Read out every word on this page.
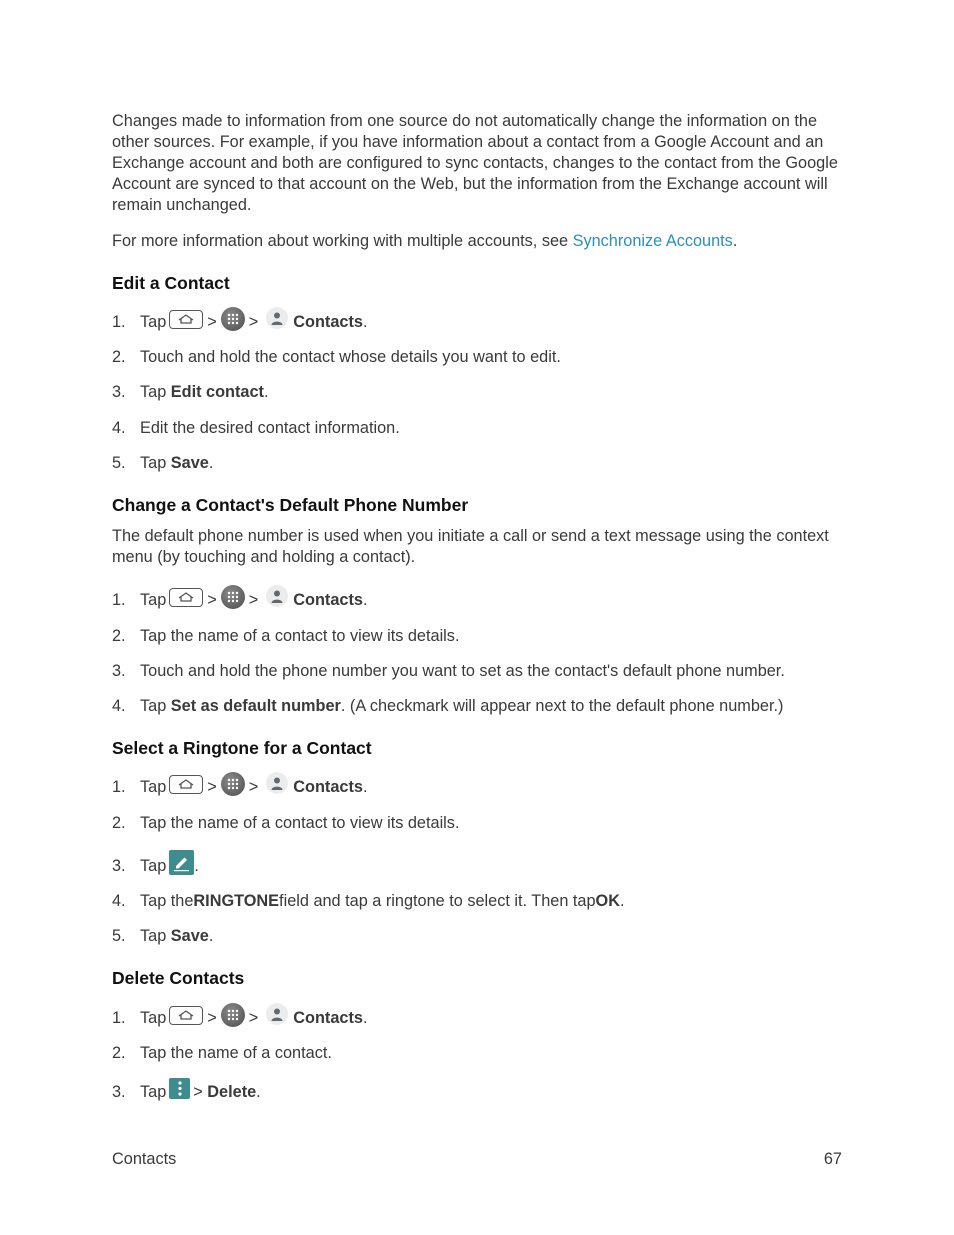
Changes made to information from one source do not automatically change the information on the other sources. For example, if you have information about a contact from a Google Account and an Exchange account and both are configured to sync contacts, changes to the contact from the Google Account are synced to that account on the Web, but the information from the Exchange account will remain unchanged.

For more information about working with multiple accounts, see Synchronize Accounts.

Edit a Contact
1. Tap	> > Contacts .
2. Touch and hold the contact whose details you want to edit.
3. Tap
Edit contact .
4. Edit the desired contact information.
5. Tap
Save .
Change a Contact's Default Phone Number

The default phone number is used when you initiate a call or send a text message using the context menu (by touching and holding a contact).

1. Tap	> > Contacts .
2. Tap the name of a contact to view its details.
3. Touch and hold the phone number you want to set as the contact's default phone number.
4. Tap
Set as default number . (A checkmark will appear next to the default phone number.)
Select a Ringtone for a Contact
1. Tap	> > Contacts .
2. Tap the name of a contact to view its details.
3. Tap .
4. Tap the RINGTONE field and tap a ringtone to select it. Then tap OK .
5. Tap
Save .
Delete Contacts
1. Tap	> > Contacts .
2. Tap the name of a contact.
3. Tap >
Delete .
Contacts	67
